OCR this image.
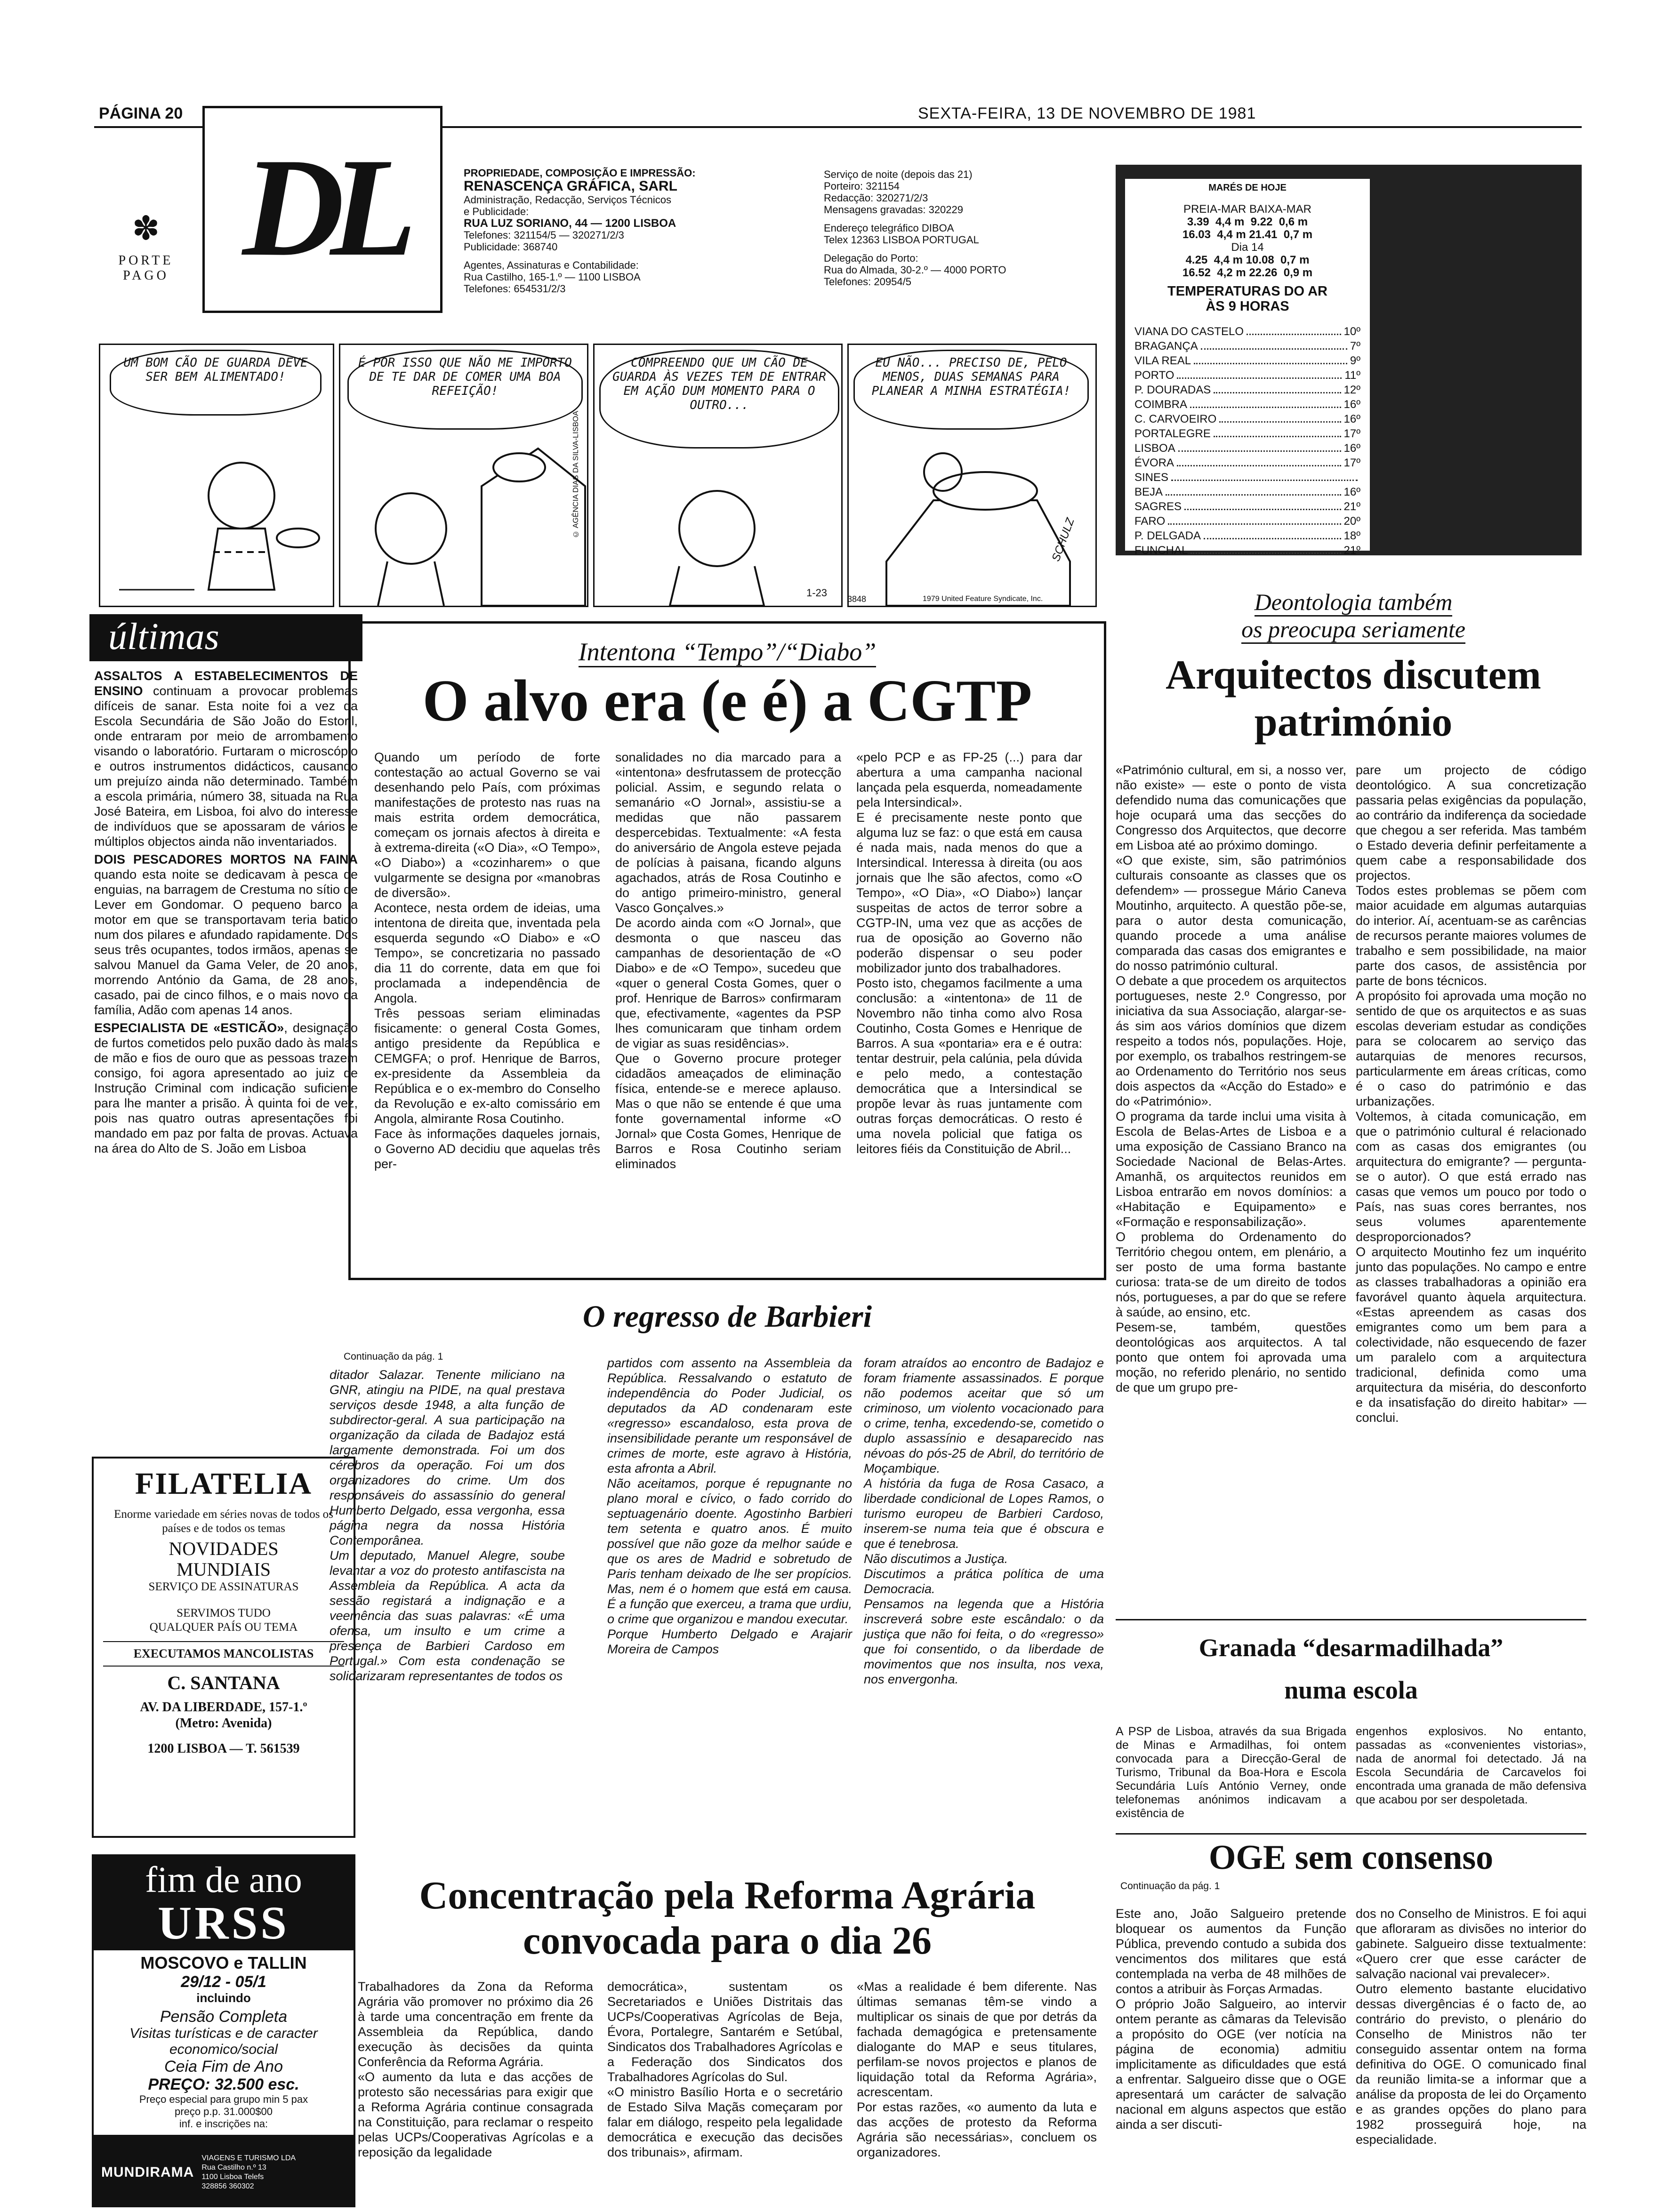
PÁGINA 20	SEXTA-FEIRA, 13 DE NOVEMBRO DE 1981
DL
✽
PORTE
PAGO
PROPRIEDADE, COMPOSIÇÃO E IMPRESSÃO:
RENASCENÇA GRÁFICA, SARL
Administração, Redacção, Serviços Técnicos
e Publicidade:
RUA LUZ SORIANO, 44 — 1200 LISBOA
Telefones: 321154/5 — 320271/2/3
Publicidade: 368740
Agentes, Assinaturas e Contabilidade:
Rua Castilho, 165-1.º — 1100 LISBOA
Telefones: 654531/2/3
Serviço de noite (depois das 21)
Porteiro: 321154
Redacção: 320271/2/3
Mensagens gravadas: 320229
Endereço telegráfico DIBOA
Telex 12363 LISBOA PORTUGAL
Delegação do Porto:
Rua do Almada, 30-2.º — 4000 PORTO
Telefones: 20954/5
MARÉS DE HOJE
PREIA-MAR BAIXA-MAR
3.39  4,4 m  9.22  0,6 m
16.03  4,4 m 21.41  0,7 m
Dia 14
4.25  4,4 m 10.08  0,7 m
16.52  4,2 m 22.26  0,9 m
TEMPERATURAS DO AR
ÀS 9 HORAS
VIANA DO CASTELO	10º
BRAGANÇA	7º
VILA REAL	9º
PORTO	11º
P. DOURADAS	12º
COIMBRA	16º
C. CARVOEIRO	16º
PORTALEGRE	17º
LISBOA	16º
ÉVORA	17º
SINES
BEJA	16º
SAGRES	21º
FARO	20º
P. DELGADA	18º
FUNCHAL	21º
UM BOM CÃO DE GUARDA DEVE SER BEM ALIMENTADO!
É POR ISSO QUE NÃO ME IMPORTO DE TE DAR DE COMER UMA BOA REFEIÇÃO!
© AGÊNCIA DIAS DA SILVA-LISBOA
COMPREENDO QUE UM CÃO DE GUARDA ÀS VEZES TEM DE ENTRAR EM AÇÃO DUM MOMENTO PARA O OUTRO...
1-23
EU NÃO... PRECISO DE, PELO MENOS, DUAS SEMANAS PARA PLANEAR A MINHA ESTRATÉGIA!
SCHULZ
3848	1979 United Feature Syndicate, Inc.
últimas

ASSALTOS A ESTABELECIMENTOS DE ENSINO continuam a provocar problemas difíceis de sanar. Esta noite foi a vez da Escola Secundária de São João do Estoril, onde entraram por meio de arrombamento visando o laboratório. Furtaram o microscópio e outros instrumentos didácticos, causando um prejuízo ainda não determinado. Também a escola primária, número 38, situada na Rua José Bateira, em Lisboa, foi alvo do interesse de indivíduos que se apossaram de vários e múltiplos objectos ainda não inventariados.

DOIS PESCADORES MORTOS NA FAINA quando esta noite se dedicavam à pesca de enguias, na barragem de Crestuma no sítio de Lever em Gondomar. O pequeno barco a motor em que se transportavam teria batido num dos pilares e afundado rapidamente. Dos seus três ocupantes, todos irmãos, apenas se salvou Manuel da Gama Veler, de 20 anos, morrendo António da Gama, de 28 anos, casado, pai de cinco filhos, e o mais novo da família, Adão com apenas 14 anos.

ESPECIALISTA DE «ESTICÃO», designação de furtos cometidos pelo puxão dado às malas de mão e fios de ouro que as pessoas trazem consigo, foi agora apresentado ao juiz de Instrução Criminal com indicação suficiente para lhe manter a prisão. À quinta foi de vez, pois nas quatro outras apresentações foi mandado em paz por falta de provas. Actuava na área do Alto de S. João em Lisboa

FILATELIA
Enorme variedade em séries novas de todos os países e de todos os temas
NOVIDADES
MUNDIAIS
SERVIÇO DE ASSINATURAS
SERVIMOS TUDO
QUALQUER PAÍS OU TEMA
EXECUTAMOS MANCOLISTAS
C. SANTANA
AV. DA LIBERDADE, 157-1.º
(Metro: Avenida)
1200 LISBOA — T. 561539
fim de ano
URSS
MOSCOVO e TALLIN
29/12 - 05/1
incluindo
Pensão Completa
Visitas turísticas e de caracter economico/social
Ceia Fim de Ano
PREÇO: 32.500 esc.
Preço especial para grupo min 5 pax
preço p.p. 31.000$00
inf. e inscrições na:
MUNDIRAMA
VIAGENS E TURISMO LDA
Rua Castilho n.º 13
1100 Lisboa Telefs
328856 360302
Intentona “Tempo”/“Diabo”
O alvo era (e é) a CGTP
Quando um período de forte contestação ao actual Governo se vai desenhando pelo País, com próximas manifestações de protesto nas ruas na mais estrita ordem democrática, começam os jornais afectos à direita e à extrema-direita («O Dia», «O Tempo», «O Diabo») a «cozinharem» o que vulgarmente se designa por «manobras de diversão».
Acontece, nesta ordem de ideias, uma intentona de direita que, inventada pela esquerda segundo «O Diabo» e «O Tempo», se concretizaria no passado dia 11 do corrente, data em que foi proclamada a independência de Angola.
Três pessoas seriam eliminadas fisicamente: o general Costa Gomes, antigo presidente da República e CEMGFA; o prof. Henrique de Barros, ex-presidente da Assembleia da República e o ex-membro do Conselho da Revolução e ex-alto comissário em Angola, almirante Rosa Coutinho.
Face às informações daqueles jornais, o Governo AD decidiu que aquelas três per-
sonalidades no dia marcado para a «intentona» desfrutassem de protecção policial. Assim, e segundo relata o semanário «O Jornal», assistiu-se a medidas que não passarem despercebidas. Textualmente: «A festa do aniversário de Angola esteve pejada de polícias à paisana, ficando alguns agachados, atrás de Rosa Coutinho e do antigo primeiro-ministro, general Vasco Gonçalves.»
De acordo ainda com «O Jornal», que desmonta o que nasceu das campanhas de desorientação de «O Diabo» e de «O Tempo», sucedeu que «quer o general Costa Gomes, quer o prof. Henrique de Barros» confirmaram que, efectivamente, «agentes da PSP lhes comunicaram que tinham ordem de vigiar as suas residências».
Que o Governo procure proteger cidadãos ameaçados de eliminação física, entende-se e merece aplauso. Mas o que não se entende é que uma fonte governamental informe «O Jornal» que Costa Gomes, Henrique de Barros e Rosa Coutinho seriam eliminados
«pelo PCP e as FP-25 (...) para dar abertura a uma campanha nacional lançada pela esquerda, nomeadamente pela Intersindical».
E é precisamente neste ponto que alguma luz se faz: o que está em causa é nada mais, nada menos do que a Intersindical. Interessa à direita (ou aos jornais que lhe são afectos, como «O Tempo», «O Dia», «O Diabo») lançar suspeitas de actos de terror sobre a CGTP-IN, uma vez que as acções de rua de oposição ao Governo não poderão dispensar o seu poder mobilizador junto dos trabalhadores.
Posto isto, chegamos facilmente a uma conclusão: a «intentona» de 11 de Novembro não tinha como alvo Rosa Coutinho, Costa Gomes e Henrique de Barros. A sua «pontaria» era e é outra: tentar destruir, pela calúnia, pela dúvida e pelo medo, a contestação democrática que a Intersindical se propõe levar às ruas juntamente com outras forças democráticas. O resto é uma novela policial que fatiga os leitores fiéis da Constituição de Abril...
O regresso de Barbieri
Continuação da pág. 1
ditador Salazar. Tenente miliciano na GNR, atingiu na PIDE, na qual prestava serviços desde 1948, a alta função de subdirector-geral. A sua participação na organização da cilada de Badajoz está largamente demonstrada. Foi um dos cérebros da operação. Foi um dos organizadores do crime. Um dos responsáveis do assassínio do general Humberto Delgado, essa vergonha, essa página negra da nossa História Contemporânea.
Um deputado, Manuel Alegre, soube levantar a voz do protesto antifascista na Assembleia da República. A acta da sessão registará a indignação e a veemência das suas palavras: «É uma ofensa, um insulto e um crime a presença de Barbieri Cardoso em Portugal.» Com esta condenação se solidarizaram representantes de todos os
partidos com assento na Assembleia da República. Ressalvando o estatuto de independência do Poder Judicial, os deputados da AD condenaram este «regresso» escandaloso, esta prova de insensibilidade perante um responsável de crimes de morte, este agravo à História, esta afronta a Abril.
Não aceitamos, porque é repugnante no plano moral e cívico, o fado corrido do septuagenário doente. Agostinho Barbieri tem setenta e quatro anos. É muito possível que não goze da melhor saúde e que os ares de Madrid e sobretudo de Paris tenham deixado de lhe ser propícios. Mas, nem é o homem que está em causa. É a função que exerceu, a trama que urdiu, o crime que organizou e mandou executar.
Porque Humberto Delgado e Arajarir Moreira de Campos
foram atraídos ao encontro de Badajoz e foram friamente assassinados. E porque não podemos aceitar que só um criminoso, um violento vocacionado para o crime, tenha, excedendo-se, cometido o duplo assassínio e desaparecido nas névoas do pós-25 de Abril, do território de Moçambique.
A história da fuga de Rosa Casaco, a liberdade condicional de Lopes Ramos, o turismo europeu de Barbieri Cardoso, inserem-se numa teia que é obscura e que é tenebrosa.
Não discutimos a Justiça.
Discutimos a prática política de uma Democracia.
Pensamos na legenda que a História inscreverá sobre este escândalo: o da justiça que não foi feita, o do «regresso» que foi consentido, o da liberdade de movimentos que nos insulta, nos vexa, nos envergonha.
Concentração pela Reforma Agrária
convocada para o dia 26
Trabalhadores da Zona da Reforma Agrária vão promover no próximo dia 26 à tarde uma concentração em frente da Assembleia da República, dando execução às decisões da quinta Conferência da Reforma Agrária.
«O aumento da luta e das acções de protesto são necessárias para exigir que a Reforma Agrária continue consagrada na Constituição, para reclamar o respeito pelas UCPs/Cooperativas Agrícolas e a reposição da legalidade
democrática», sustentam os Secretariados e Uniões Distritais das UCPs/Cooperativas Agrícolas de Beja, Évora, Portalegre, Santarém e Setúbal, Sindicatos dos Trabalhadores Agrícolas e a Federação dos Sindicatos dos Trabalhadores Agrícolas do Sul.
«O ministro Basílio Horta e o secretário de Estado Silva Maçãs começaram por falar em diálogo, respeito pela legalidade democrática e execução das decisões dos tribunais», afirmam.
«Mas a realidade é bem diferente. Nas últimas semanas têm-se vindo a multiplicar os sinais de que por detrás da fachada demagógica e pretensamente dialogante do MAP e seus titulares, perfilam-se novos projectos e planos de liquidação total da Reforma Agrária», acrescentam.
Por estas razões, «o aumento da luta e das acções de protesto da Reforma Agrária são necessárias», concluem os organizadores.
Deontologia também
os preocupa seriamente
Arquitectos discutem
património
«Património cultural, em si, a nosso ver, não existe» — este o ponto de vista defendido numa das comunicações que hoje ocupará uma das secções do Congresso dos Arquitectos, que decorre em Lisboa até ao próximo domingo.
«O que existe, sim, são patrimónios culturais consoante as classes que os defendem» — prossegue Mário Caneva Moutinho, arquitecto. A questão põe-se, para o autor desta comunicação, quando procede a uma análise comparada das casas dos emigrantes e do nosso património cultural.
O debate a que procedem os arquitectos portugueses, neste 2.º Congresso, por iniciativa da sua Associação, alargar-se-ás sim aos vários domínios que dizem respeito a todos nós, populações. Hoje, por exemplo, os trabalhos restringem-se ao Ordenamento do Território nos seus dois aspectos da «Acção do Estado» e do «Património».
O programa da tarde inclui uma visita à Escola de Belas-Artes de Lisboa e a uma exposição de Cassiano Branco na Sociedade Nacional de Belas-Artes. Amanhã, os arquitectos reunidos em Lisboa entrarão em novos domínios: a «Habitação e Equipamento» e «Formação e responsabilização».
O problema do Ordenamento do Território chegou ontem, em plenário, a ser posto de uma forma bastante curiosa: trata-se de um direito de todos nós, portugueses, a par do que se refere à saúde, ao ensino, etc.
Pesem-se, também, questões deontológicas aos arquitectos. A tal ponto que ontem foi aprovada uma moção, no referido plenário, no sentido de que um grupo pre-
pare um projecto de código deontológico. A sua concretização passaria pelas exigências da população, ao contrário da indiferença da sociedade que chegou a ser referida. Mas também o Estado deveria definir perfeitamente a quem cabe a responsabilidade dos projectos.
Todos estes problemas se põem com maior acuidade em algumas autarquias do interior. Aí, acentuam-se as carências de recursos perante maiores volumes de trabalho e sem possibilidade, na maior parte dos casos, de assistência por parte de bons técnicos.
A propósito foi aprovada uma moção no sentido de que os arquitectos e as suas escolas deveriam estudar as condições para se colocarem ao serviço das autarquias de menores recursos, particularmente em áreas críticas, como é o caso do património e das urbanizações.
Voltemos, à citada comunicação, em que o património cultural é relacionado com as casas dos emigrantes (ou arquitectura do emigrante? — pergunta-se o autor). O que está errado nas casas que vemos um pouco por todo o País, nas suas cores berrantes, nos seus volumes aparentemente desproporcionados?
O arquitecto Moutinho fez um inquérito junto das populações. No campo e entre as classes trabalhadoras a opinião era favorável quanto àquela arquitectura. «Estas apreendem as casas dos emigrantes como um bem para a colectividade, não esquecendo de fazer um paralelo com a arquitectura tradicional, definida como uma arquitectura da miséria, do desconforto e da insatisfação do direito habitar» — conclui.
Granada “desarmadilhada”
numa escola
A PSP de Lisboa, através da sua Brigada de Minas e Armadilhas, foi ontem convocada para a Direcção-Geral de Turismo, Tribunal da Boa-Hora e Escola Secundária Luís António Verney, onde telefonemas anónimos indicavam a existência de
engenhos explosivos. No entanto, passadas as «convenientes vistorias», nada de anormal foi detectado. Já na Escola Secundária de Carcavelos foi encontrada uma granada de mão defensiva que acabou por ser despoletada.
OGE sem consenso
Continuação da pág. 1
Este ano, João Salgueiro pretende bloquear os aumentos da Função Pública, prevendo contudo a subida dos vencimentos dos militares que está contemplada na verba de 48 milhões de contos a atribuir às Forças Armadas.
O próprio João Salgueiro, ao intervir ontem perante as câmaras da Televisão a propósito do OGE (ver notícia na página de economia) admitiu implicitamente as dificuldades que está a enfrentar. Salgueiro disse que o OGE apresentará um carácter de salvação nacional em alguns aspectos que estão ainda a ser discuti-
dos no Conselho de Ministros. E foi aqui que afloraram as divisões no interior do gabinete. Salgueiro disse textualmente: «Quero crer que esse carácter de salvação nacional vai prevalecer».
Outro elemento bastante elucidativo dessas divergências é o facto de, ao contrário do previsto, o plenário do Conselho de Ministros não ter conseguido assentar ontem na forma definitiva do OGE. O comunicado final da reunião limita-se a informar que a análise da proposta de lei do Orçamento e as grandes opções do plano para 1982 prosseguirá hoje, na especialidade.
